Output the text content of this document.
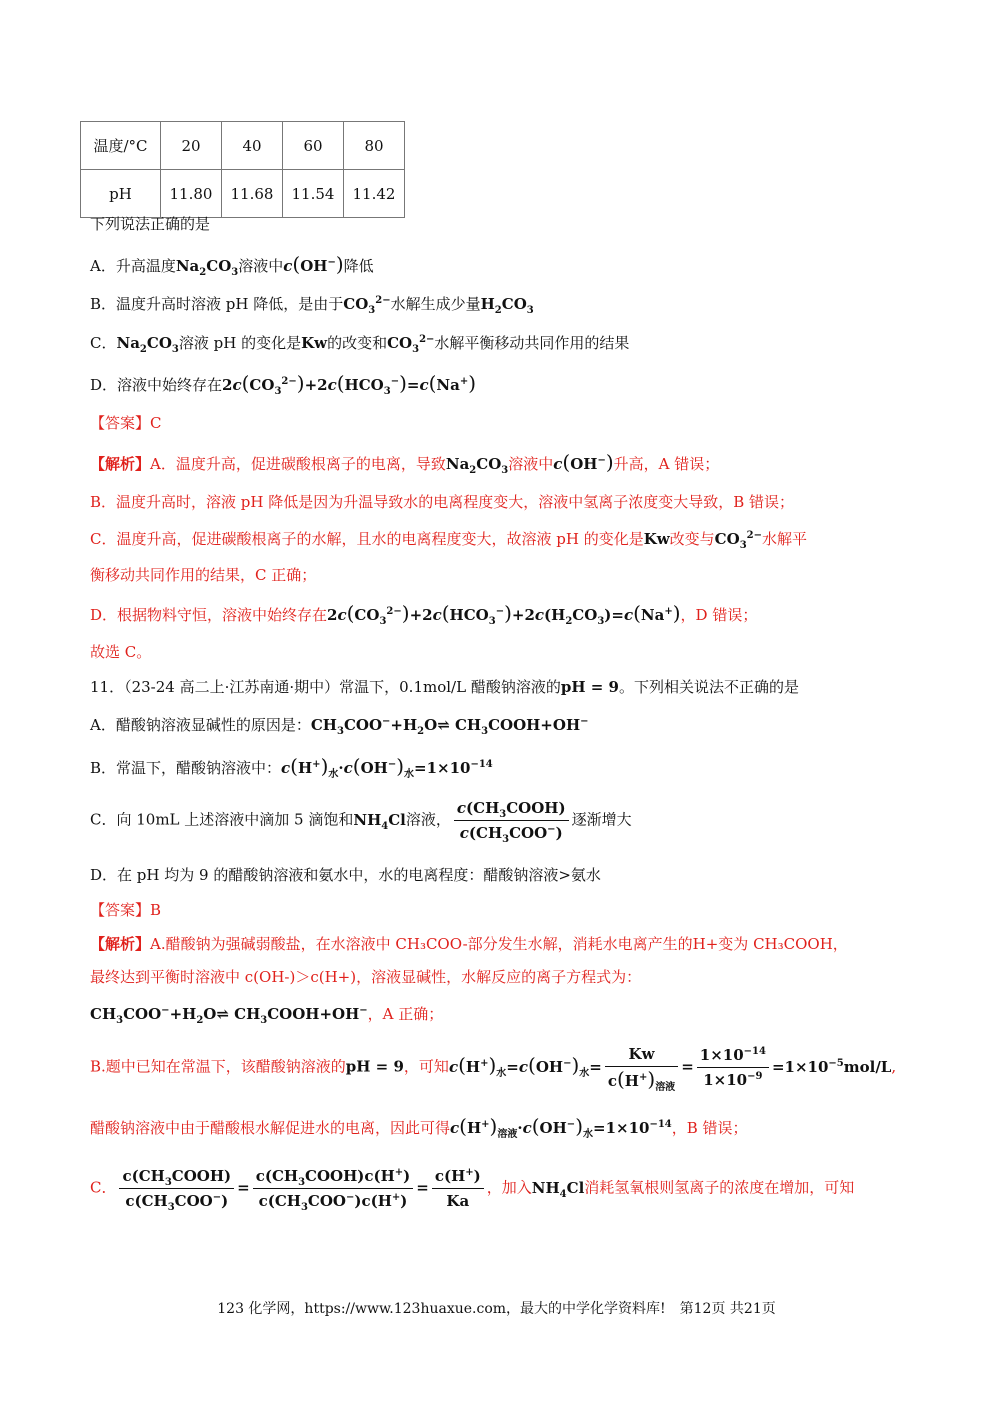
温度/°C	20	40	60	80
pH	11.80	11.68	11.54	11.42
下列说法正确的是
A．升高温度$Na_2CO_3$溶液中c(OH−)降低
B．温度升高时溶液 pH 降低，是由于$CO_3^{2-}$水解生成少量$H_2CO_3$
C．$Na_2CO_3$溶液 pH 的变化是Kw的改变和$CO_3^{2-}$水解平衡移动共同作用的结果
D．溶液中始终存在$2c(CO_3^{2-})+2c(HCO_3^-)=c(Na^+)$
【答案】C
【解析】A．温度升高，促进碳酸根离子的电离，导致$Na_2CO_3$溶液中c(OH−)升高，A 错误；
B．温度升高时，溶液 pH 降低是因为升温导致水的电离程度变大，溶液中氢离子浓度变大导致，B 错误；
C．温度升高，促进碳酸根离子的水解，且水的电离程度变大，故溶液 pH 的变化是Kw改变与$CO_3^{2-}$水解平
衡移动共同作用的结果，C 正确；
D．根据物料守恒，溶液中始终存在$2c(CO_3^{2-})+2c(HCO_3^-)+2c(H_2CO_3)=c(Na^+)$，D 错误；
故选 C。
11．（23-24 高二上·江苏南通·期中）常温下，0.1mol/L 醋酸钠溶液的pH = 9。下列相关说法不正确的是
A．醋酸钠溶液显碱性的原因是：$CH_3COO^-+H_2O\rightleftharpoons$ $CH_3COOH+OH^-$
B．常温下，醋酸钠溶液中：$c(H^+)_水\cdot c(OH^-)_水=1\times 10^{-14}$
C．向 10mL 上述溶液中滴加 5 滴饱和$NH_4Cl$溶液， $\frac{c(CH_3COOH)}{c(CH_3COO^-)}$ 逐渐增大
D．在 pH 均为 9 的醋酸钠溶液和氨水中，水的电离程度：醋酸钠溶液>氨水
【答案】B
【解析】A.醋酸钠为强碱弱酸盐，在水溶液中 CH₃COO-部分发生水解，消耗水电离产生的H+变为 CH₃COOH，
最终达到平衡时溶液中 c(OH-)＞c(H+)，溶液显碱性，水解反应的离子方程式为：
$CH_3COO^-+H_2O\rightleftharpoons$ $CH_3COOH+OH^-$，A 正确；
B.题中已知在常温下，该醋酸钠溶液的pH = 9，可知$c(H^+)_水=c(OH^-)_水= \frac{Kw}{c(H^+)_{溶液}} = \frac{1\times 10^{-14}}{1\times 10^{-9}} =1\times 10^{-5}mol/L$,
醋酸钠溶液中由于醋酸根水解促进水的电离，因此可得$c(H^+)_{溶液}\cdot c(OH^-)_水=1\times 10^{-14}$，B 错误；
C． $\frac{c(CH_3COOH)}{c(CH_3COO^-)} = \frac{c(CH_3COOH)c(H^+)}{c(CH_3COO^-)c(H^+)} = \frac{c(H^+)}{Ka}$ ，加入$NH_4Cl$消耗氢氧根则氢离子的浓度在增加，可知
123 化学网，https://www.123huaxue.com，最大的中学化学资料库!　第12页 共21页
